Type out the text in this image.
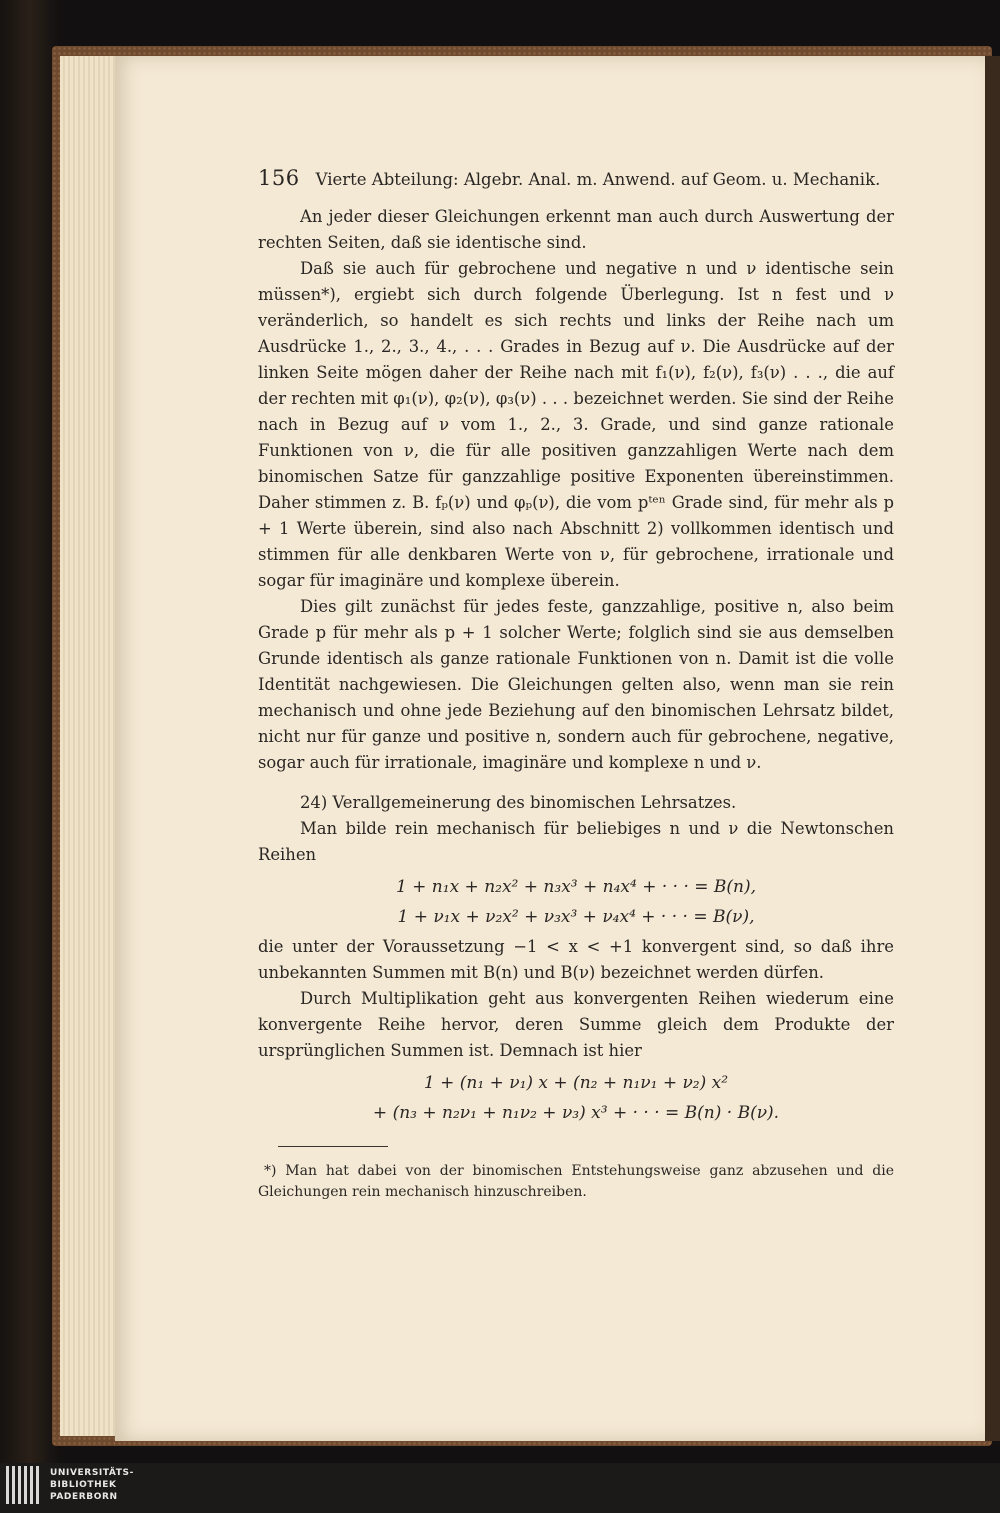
156 Vierte Abteilung: Algebr. Anal. m. Anwend. auf Geom. u. Mechanik.

An jeder dieser Gleichungen erkennt man auch durch Auswertung der rechten Seiten, daß sie identische sind.

Daß sie auch für gebrochene und negative n und ν identische sein müssen*), ergiebt sich durch folgende Überlegung. Ist n fest und ν veränderlich, so handelt es sich rechts und links der Reihe nach um Ausdrücke 1., 2., 3., 4., . . . Grades in Bezug auf ν. Die Ausdrücke auf der linken Seite mögen daher der Reihe nach mit f₁(ν), f₂(ν), f₃(ν) . . ., die auf der rechten mit φ₁(ν), φ₂(ν), φ₃(ν) . . . bezeichnet werden. Sie sind der Reihe nach in Bezug auf ν vom 1., 2., 3. Grade, und sind ganze rationale Funktionen von ν, die für alle positiven ganzzahligen Werte nach dem binomischen Satze für ganzzahlige positive Exponenten übereinstimmen. Daher stimmen z. B. fₚ(ν) und φₚ(ν), die vom pᵗᵉⁿ Grade sind, für mehr als p + 1 Werte überein, sind also nach Abschnitt 2) vollkommen identisch und stimmen für alle denkbaren Werte von ν, für gebrochene, irrationale und sogar für imaginäre und komplexe überein.

Dies gilt zunächst für jedes feste, ganzzahlige, positive n, also beim Grade p für mehr als p + 1 solcher Werte; folglich sind sie aus demselben Grunde identisch als ganze rationale Funktionen von n. Damit ist die volle Identität nachgewiesen. Die Gleichungen gelten also, wenn man sie rein mechanisch und ohne jede Beziehung auf den binomischen Lehrsatz bildet, nicht nur für ganze und positive n, sondern auch für gebrochene, negative, sogar auch für irrationale, imaginäre und komplexe n und ν.

24) Verallgemeinerung des binomischen Lehrsatzes.

Man bilde rein mechanisch für beliebiges n und ν die Newtonschen Reihen

1 + n₁x + n₂x² + n₃x³ + n₄x⁴ + · · · = B(n),
1 + ν₁x + ν₂x² + ν₃x³ + ν₄x⁴ + · · · = B(ν),

die unter der Voraussetzung −1 < x < +1 konvergent sind, so daß ihre unbekannten Summen mit B(n) und B(ν) bezeichnet werden dürfen.

Durch Multiplikation geht aus konvergenten Reihen wiederum eine konvergente Reihe hervor, deren Summe gleich dem Produkte der ursprünglichen Summen ist. Demnach ist hier

1 + (n₁ + ν₁) x + (n₂ + n₁ν₁ + ν₂) x²
+ (n₃ + n₂ν₁ + n₁ν₂ + ν₃) x³ + · · · = B(n) · B(ν).

*) Man hat dabei von der binomischen Entstehungsweise ganz abzusehen und die Gleichungen rein mechanisch hinzuschreiben.

UNIVERSITÄTS-
BIBLIOTHEK
PADERBORN
